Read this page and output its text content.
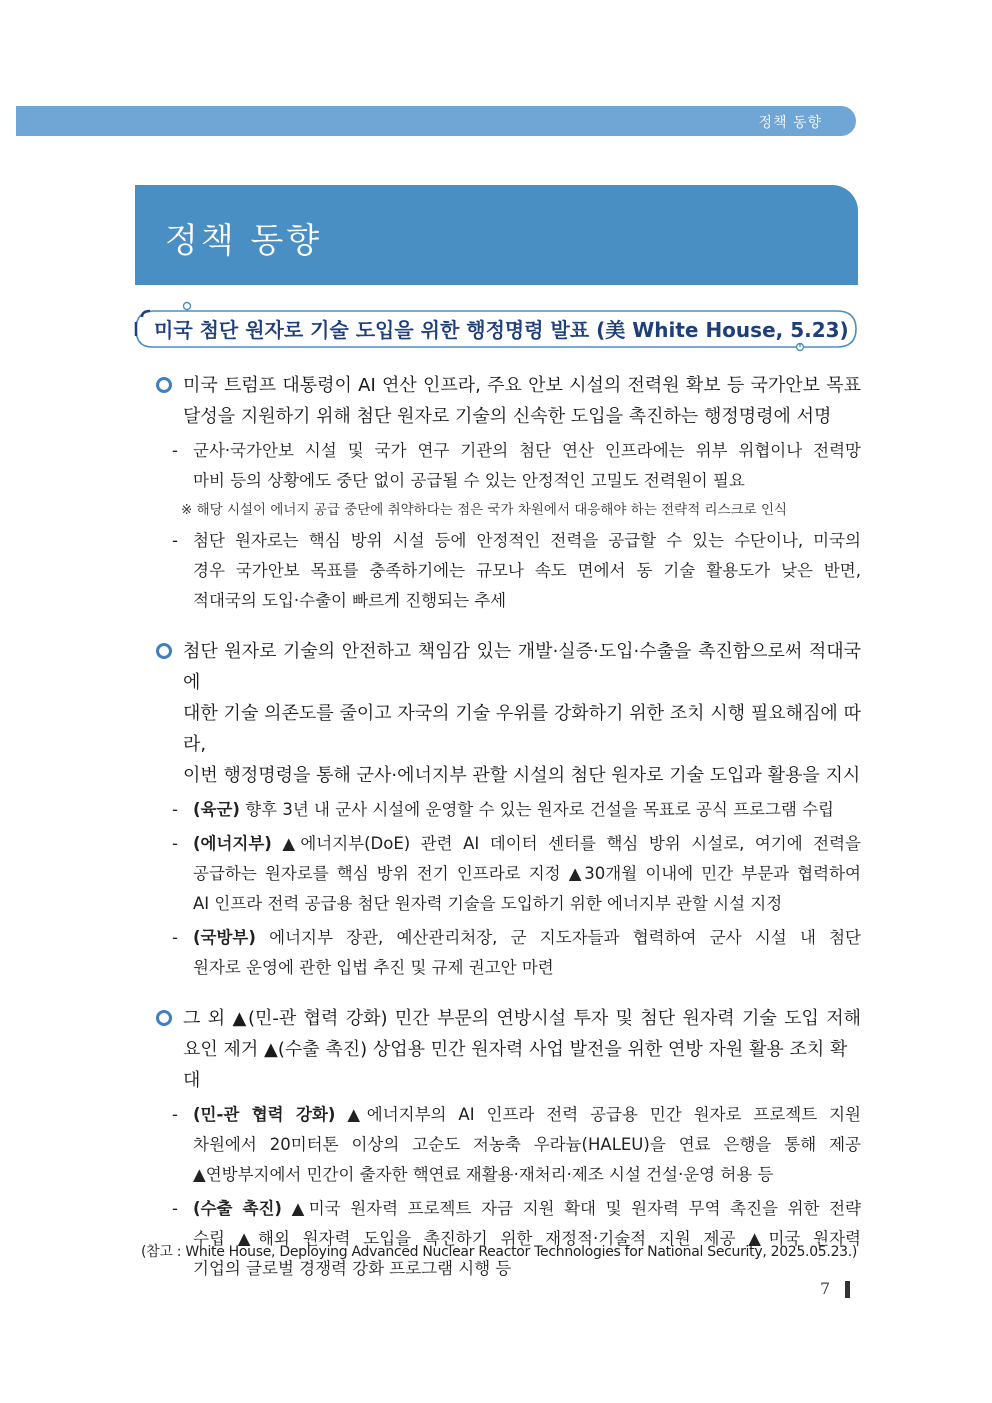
정책 동향
정책 동향
미국 첨단 원자로 기술 도입을 위한 행정명령 발표 (美 White House, 5.23)
미국 트럼프 대통령이 AI 연산 인프라, 주요 안보 시설의 전력원 확보 등 국가안보 목표
달성을 지원하기 위해 첨단 원자로 기술의 신속한 도입을 촉진하는 행정명령에 서명
- 군사·국가안보 시설 및 국가 연구 기관의 첨단 연산 인프라에는 위부 위협이나 전력망
마비 등의 상황에도 중단 없이 공급될 수 있는 안정적인 고밀도 전력원이 필요
※ 해당 시설이 에너지 공급 중단에 취약하다는 점은 국가 차원에서 대응해야 하는 전략적 리스크로 인식
- 첨단 원자로는 핵심 방위 시설 등에 안정적인 전력을 공급할 수 있는 수단이나, 미국의
경우 국가안보 목표를 충족하기에는 규모나 속도 면에서 동 기술 활용도가 낮은 반면,
적대국의 도입·수출이 빠르게 진행되는 추세
첨단 원자로 기술의 안전하고 책임감 있는 개발·실증·도입·수출을 촉진함으로써 적대국에
대한 기술 의존도를 줄이고 자국의 기술 우위를 강화하기 위한 조치 시행 필요해짐에 따라,
이번 행정명령을 통해 군사·에너지부 관할 시설의 첨단 원자로 기술 도입과 활용을 지시
- (육군) 향후 3년 내 군사 시설에 운영할 수 있는 원자로 건설을 목표로 공식 프로그램 수립
- (에너지부) ▲에너지부(DoE) 관련 AI 데이터 센터를 핵심 방위 시설로, 여기에 전력을
공급하는 원자로를 핵심 방위 전기 인프라로 지정 ▲30개월 이내에 민간 부문과 협력하여
AI 인프라 전력 공급용 첨단 원자력 기술을 도입하기 위한 에너지부 관할 시설 지정
- (국방부) 에너지부 장관, 예산관리처장, 군 지도자들과 협력하여 군사 시설 내 첨단
원자로 운영에 관한 입법 추진 및 규제 권고안 마련
그 외 ▲(민-관 협력 강화) 민간 부문의 연방시설 투자 및 첨단 원자력 기술 도입 저해
요인 제거 ▲(수출 촉진) 상업용 민간 원자력 사업 발전을 위한 연방 자원 활용 조치 확대
- (민-관 협력 강화) ▲에너지부의 AI 인프라 전력 공급용 민간 원자로 프로젝트 지원
차원에서 20미터톤 이상의 고순도 저농축 우라늄(HALEU)을 연료 은행을 통해 제공
▲연방부지에서 민간이 출자한 핵연료 재활용·재처리·제조 시설 건설·운영 허용 등
- (수출 촉진) ▲미국 원자력 프로젝트 자금 지원 확대 및 원자력 무역 촉진을 위한 전략
수립 ▲해외 원자력 도입을 촉진하기 위한 재정적·기술적 지원 제공 ▲미국 원자력
기업의 글로벌 경쟁력 강화 프로그램 시행 등
(참고 : White House, Deploying Advanced Nuclear Reactor Technologies for National Security, 2025.05.23.)
7
